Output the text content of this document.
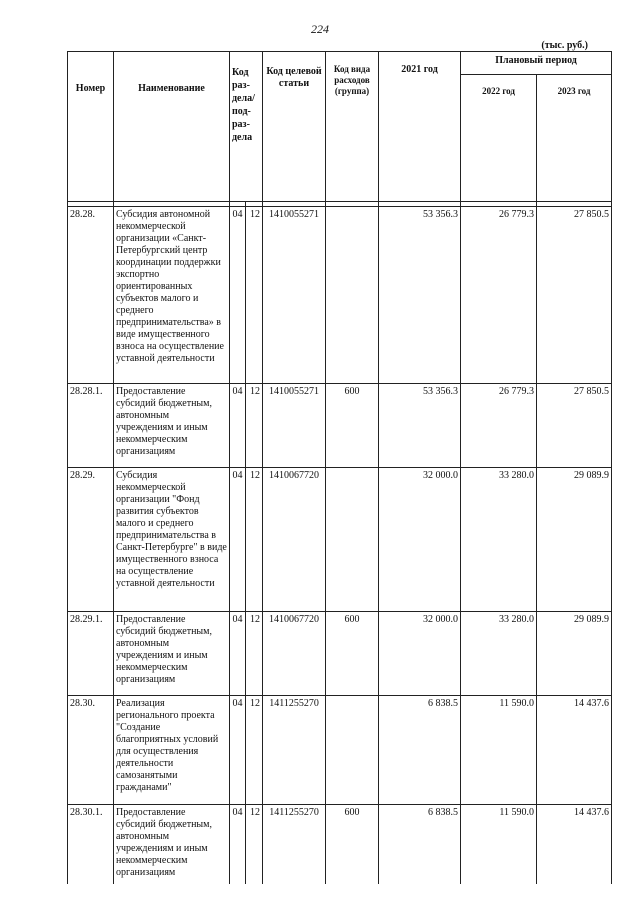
224
(тыс. руб.)
Номер	Наименование	Код раз-дела/ под-раз-дела		Код целевой статьи	Код вида расходов (группа)	2021 год	Плановый период	
							2022 год	2023 год

28.28.	Субсидия автономной некоммерческой организации «Санкт-Петербургский центр координации поддержки экспортно ориентированных субъектов малого и среднего предпринимательства» в виде имущественного взноса на осуществление уставной деятельности	04	12	1410055271		53 356.3	26 779.3	27 850.5

28.28.1.	Предоставление субсидий бюджетным, автономным учреждениям и иным некоммерческим организациям	04	12	1410055271	600	53 356.3	26 779.3	27 850.5

28.29.	Субсидия некоммерческой организации "Фонд развития субъектов малого и среднего предпринимательства в Санкт-Петербурге" в виде имущественного взноса на осуществление уставной деятельности	04	12	1410067720		32 000.0	33 280.0	29 089.9

28.29.1.	Предоставление субсидий бюджетным, автономным учреждениям и иным некоммерческим организациям	04	12	1410067720	600	32 000.0	33 280.0	29 089.9

28.30.	Реализация регионального проекта "Создание благоприятных условий для осуществления деятельности самозанятыми гражданами"	04	12	1411255270		6 838.5	11 590.0	14 437.6

28.30.1.	Предоставление субсидий бюджетным, автономным учреждениям и иным некоммерческим организациям	04	12	1411255270	600	6 838.5	11 590.0	14 437.6
